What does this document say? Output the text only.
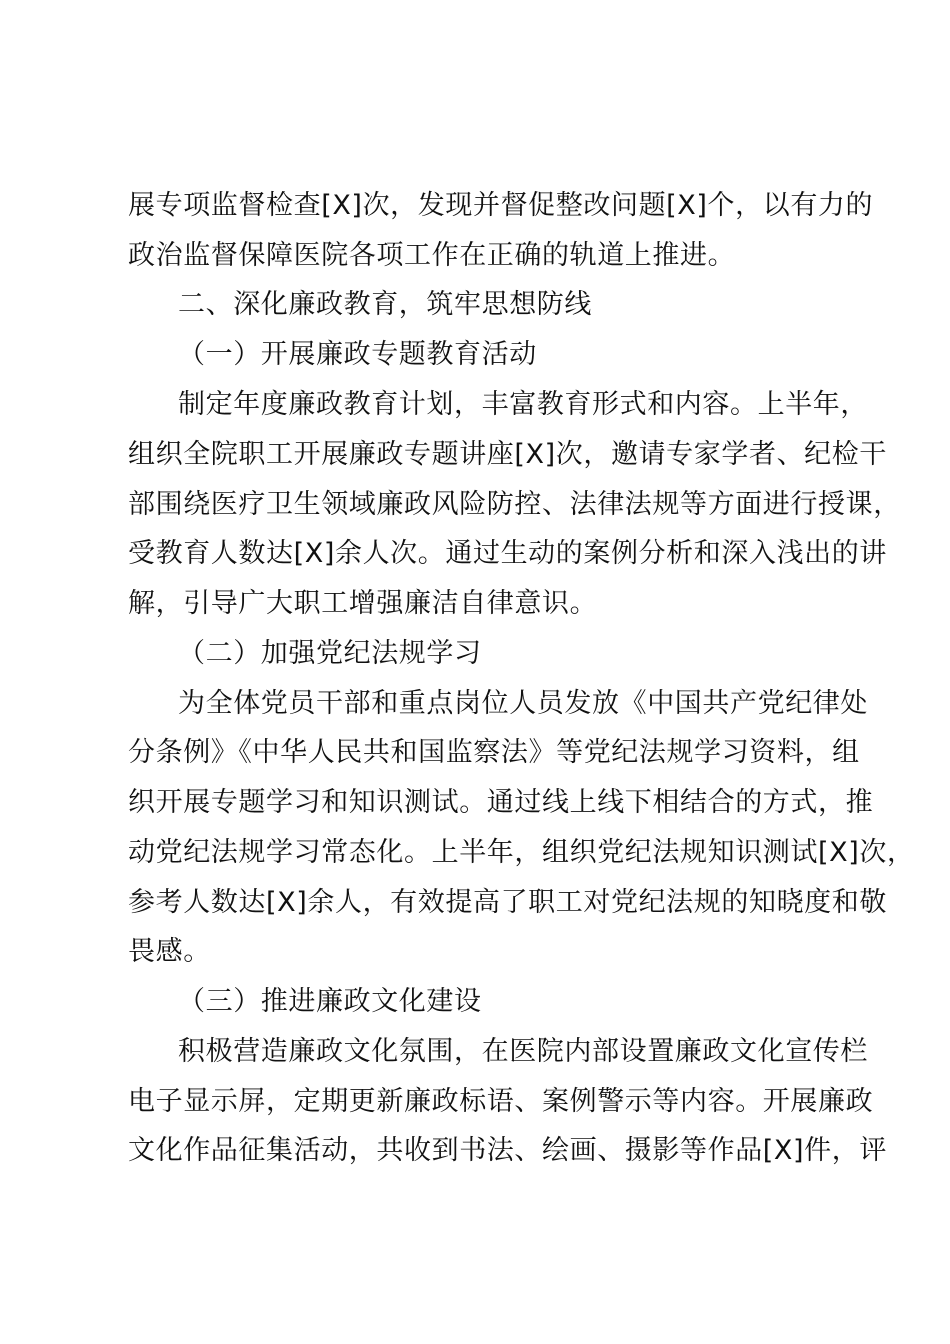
展专项监督检查[X]次，发现并督促整改问题[X]个，以有力的
政治监督保障医院各项工作在正确的轨道上推进。
二、深化廉政教育，筑牢思想防线
（一）开展廉政专题教育活动
制定年度廉政教育计划，丰富教育形式和内容。上半年，
组织全院职工开展廉政专题讲座[X]次，邀请专家学者、纪检干
部围绕医疗卫生领域廉政风险防控、法律法规等方面进行授课，
受教育人数达[X]余人次。通过生动的案例分析和深入浅出的讲
解，引导广大职工增强廉洁自律意识。
（二）加强党纪法规学习
为全体党员干部和重点岗位人员发放《中国共产党纪律处
分条例》《中华人民共和国监察法》等党纪法规学习资料，组
织开展专题学习和知识测试。通过线上线下相结合的方式，推
动党纪法规学习常态化。上半年，组织党纪法规知识测试[X]次，
参考人数达[X]余人，有效提高了职工对党纪法规的知晓度和敬
畏感。
（三）推进廉政文化建设
积极营造廉政文化氛围，在医院内部设置廉政文化宣传栏
电子显示屏，定期更新廉政标语、案例警示等内容。开展廉政
文化作品征集活动，共收到书法、绘画、摄影等作品[X]件，评
